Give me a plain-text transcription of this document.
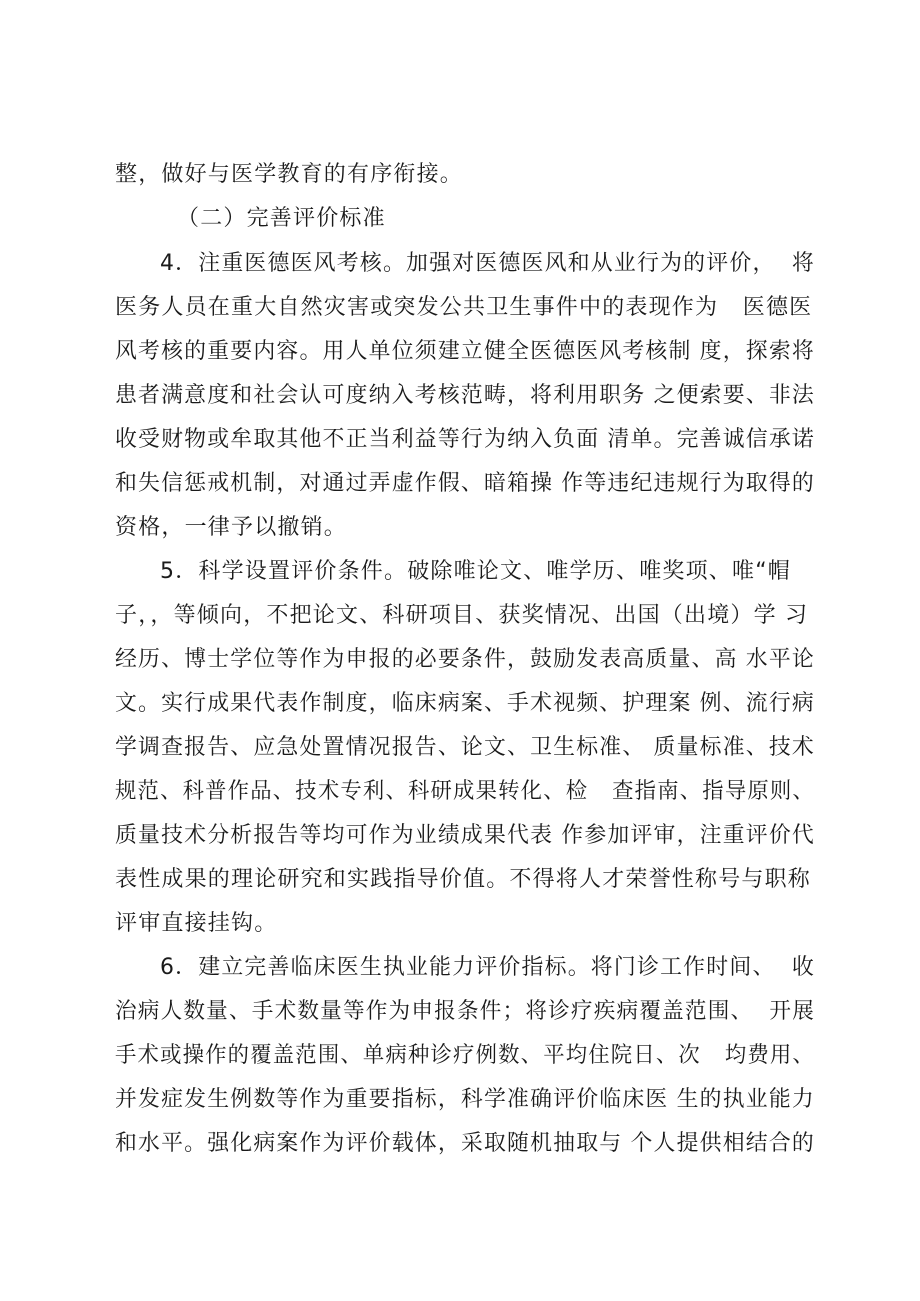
整，做好与医学教育的有序衔接。
（二）完善评价标准
4．注重医德医风考核。加强对医德医风和从业行为的评价，  将
医务人员在重大自然灾害或突发公共卫生事件中的表现作为   医德医
风考核的重要内容。用人单位须建立健全医德医风考核制 度，探索将
患者满意度和社会认可度纳入考核范畴，将利用职务 之便索要、非法
收受财物或牟取其他不正当利益等行为纳入负面 清单。完善诚信承诺
和失信惩戒机制，对通过弄虚作假、暗箱操 作等违纪违规行为取得的
资格，一律予以撤销。
5．科学设置评价条件。破除唯论文、唯学历、唯奖项、唯“帽
子，，等倾向，不把论文、科研项目、获奖情况、出国（出境）学 习
经历、博士学位等作为申报的必要条件，鼓励发表高质量、高 水平论
文。实行成果代表作制度，临床病案、手术视频、护理案 例、流行病
学调查报告、应急处置情况报告、论文、卫生标准、 质量标准、技术
规范、科普作品、技术专利、科研成果转化、检   查指南、指导原则、
质量技术分析报告等均可作为业绩成果代表 作参加评审，注重评价代
表性成果的理论研究和实践指导价值。不得将人才荣誉性称号与职称
评审直接挂钩。
6．建立完善临床医生执业能力评价指标。将门诊工作时间、  收
治病人数量、手术数量等作为申报条件；将诊疗疾病覆盖范围、  开展
手术或操作的覆盖范围、单病种诊疗例数、平均住院日、次   均费用、
并发症发生例数等作为重要指标，科学准确评价临床医 生的执业能力
和水平。强化病案作为评价载体，采取随机抽取与 个人提供相结合的
